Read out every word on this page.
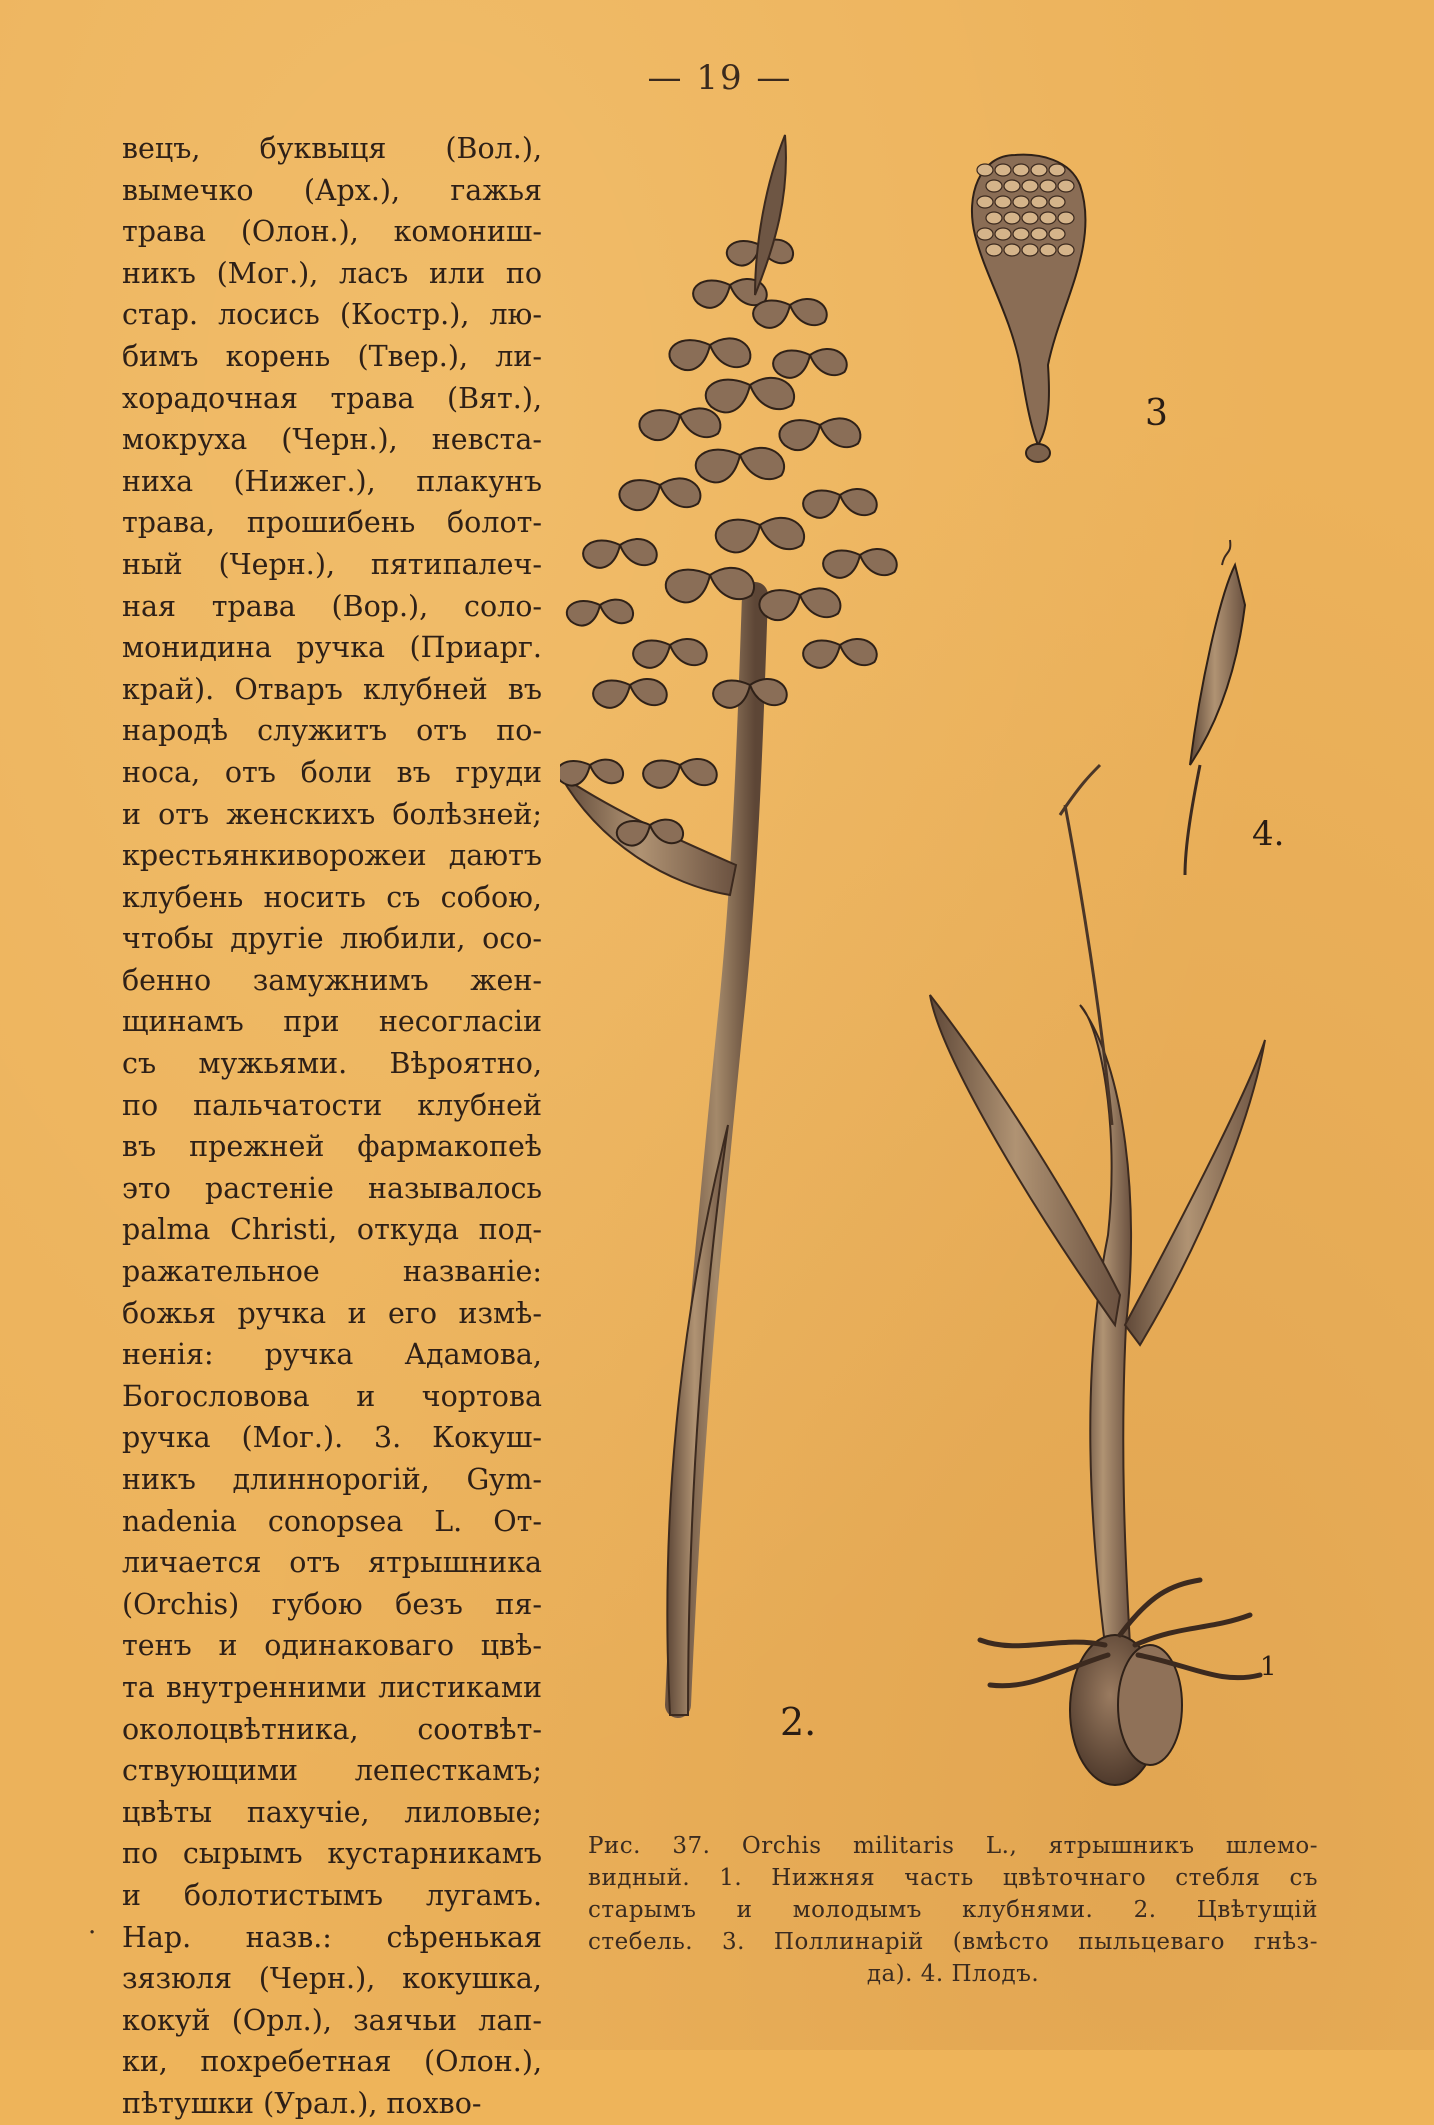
— 19 —
вецъ, буквыця (Вол.),
вымечко (Арх.), гажья
трава (Олон.), комониш-
никъ (Мог.), ласъ или по
стар. лосись (Костр.), лю-
бимъ корень (Твер.), ли-
хорадочная трава (Вят.),
мокруха (Черн.), невста-
ниха (Нижег.), плакунъ
трава, прошибень болот-
ный (Черн.), пятипалеч-
ная трава (Вор.), соло-
монидина ручка (Приарг.
край). Отваръ клубней въ
народѣ служитъ отъ по-
носа, отъ боли въ груди
и отъ женскихъ болѣзней;
крестьянкиворожеи даютъ
клубень носить съ собою,
чтобы другіе любили, осо-
бенно замужнимъ жен-
щинамъ при несогласіи
съ мужьями. Вѣроятно,
по пальчатости клубней
въ прежней фармакопеѣ
это растеніе называлось
palma Christi, откуда под-
ражательное названіе:
божья ручка и его измѣ-
ненія: ручка Адамова,
Богословова и чортова
ручка (Мог.). 3. Кокуш-
никъ длиннорогій, Gym-
nadenia conopsea L. От-
личается отъ ятрышника
(Orchis) губою безъ пя-
тенъ и одинаковаго цвѣ-
та внутренними листиками
околоцвѣтника, соотвѣт-
ствующими лепесткамъ;
цвѣты пахучіе, лиловые;
по сырымъ кустарникамъ
и болотистымъ лугамъ.
Нар. назв.: сѣренькая
зязюля (Черн.), кокушка,
кокуй (Орл.), заячьи лап-
ки, похребетная (Олон.),
пѣтушки (Урал.), похво-
·
1
2.
3
4.
Рис. 37. Orchis militaris L., ятрышникъ шлемо-
видный. 1. Нижняя часть цвѣточнаго стебля съ
старымъ и молодымъ клубнями. 2. Цвѣтущій
стебель. 3. Поллинарій (вмѣсто пыльцеваго гнѣз-
да). 4. Плодъ.
